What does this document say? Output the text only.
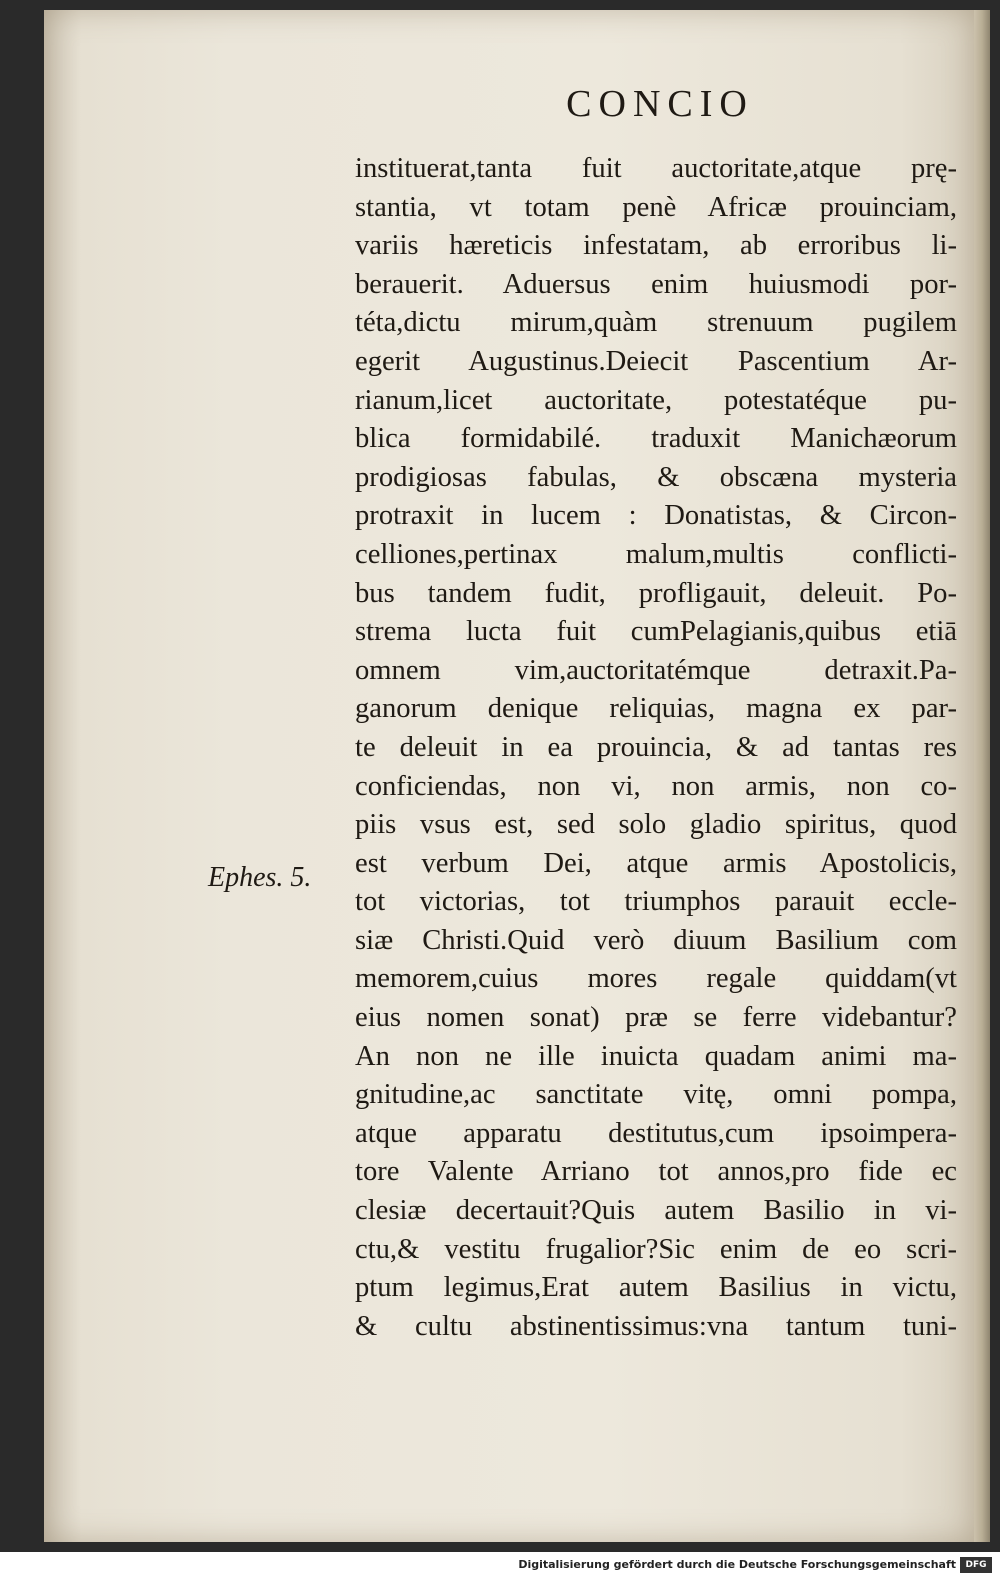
CONCIO
Ephes. 5.
instituerat,tanta fuit auctoritate,atque prę-
stantia, vt totam penè Africæ prouinciam,
variis hæreticis infestatam, ab erroribus li-
berauerit. Aduersus enim huiusmodi por-
téta,dictu mirum,quàm strenuum pugilem
egerit Augustinus.Deiecit Pascentium Ar-
rianum,licet auctoritate, potestatéque pu-
blica formidabilé. traduxit Manichæorum
prodigiosas fabulas, & obscæna mysteria
protraxit in lucem : Donatistas, & Circon-
celliones,pertinax malum,multis conflicti-
bus tandem fudit, profligauit, deleuit. Po-
strema lucta fuit cumPelagianis,quibus etiā
omnem vim,auctoritatémque detraxit.Pa-
ganorum denique reliquias, magna ex par-
te deleuit in ea prouincia, & ad tantas res
conficiendas, non vi, non armis, non co-
piis vsus est, sed solo gladio spiritus, quod
est verbum Dei, atque armis Apostolicis,
tot victorias, tot triumphos parauit eccle-
siæ Christi.Quid verò diuum Basilium com
memorem,cuius mores regale quiddam(vt
eius nomen sonat) præ se ferre videbantur?
An non ne ille inuicta quadam animi ma-
gnitudine,ac sanctitate vitę, omni pompa,
atque apparatu destitutus,cum ipsoimpera-
tore Valente Arriano tot annos,pro fide ec
clesiæ decertauit?Quis autem Basilio in vi-
ctu,& vestitu frugalior?Sic enim de eo scri-
ptum legimus,Erat autem Basilius in victu,
& cultu abstinentissimus:vna tantum tuni-
Digitalisierung gefördert durch die Deutsche Forschungsgemeinschaft	DFG
